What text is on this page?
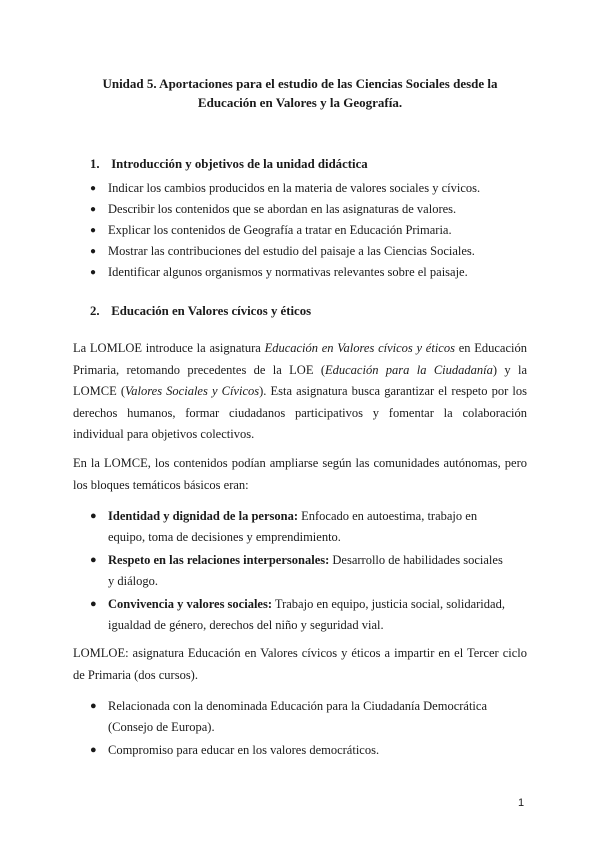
Unidad 5. Aportaciones para el estudio de las Ciencias Sociales desde la
Educación en Valores y la Geografía.
1. Introducción y objetivos de la unidad didáctica
● Indicar los cambios producidos en la materia de valores sociales y cívicos.
● Describir los contenidos que se abordan en las asignaturas de valores.
● Explicar los contenidos de Geografía a tratar en Educación Primaria.
● Mostrar las contribuciones del estudio del paisaje a las Ciencias Sociales.
● Identificar algunos organismos y normativas relevantes sobre el paisaje.
2. Educación en Valores cívicos y éticos
La LOMLOE introduce la asignatura Educación en Valores cívicos y éticos en Educación Primaria, retomando precedentes de la LOE (Educación para la Ciudadanía) y la LOMCE (Valores Sociales y Cívicos). Esta asignatura busca garantizar el respeto por los derechos humanos, formar ciudadanos participativos y fomentar la colaboración individual para objetivos colectivos.
En la LOMCE, los contenidos podían ampliarse según las comunidades autónomas, pero los bloques temáticos básicos eran:
● Identidad y dignidad de la persona: Enfocado en autoestima, trabajo en equipo, toma de decisiones y emprendimiento.
● Respeto en las relaciones interpersonales: Desarrollo de habilidades sociales y diálogo.
● Convivencia y valores sociales: Trabajo en equipo, justicia social, solidaridad, igualdad de género, derechos del niño y seguridad vial.
LOMLOE: asignatura Educación en Valores cívicos y éticos a impartir en el Tercer ciclo de Primaria (dos cursos).
● Relacionada con la denominada Educación para la Ciudadanía Democrática (Consejo de Europa).
● Compromiso para educar en los valores democráticos.
1
